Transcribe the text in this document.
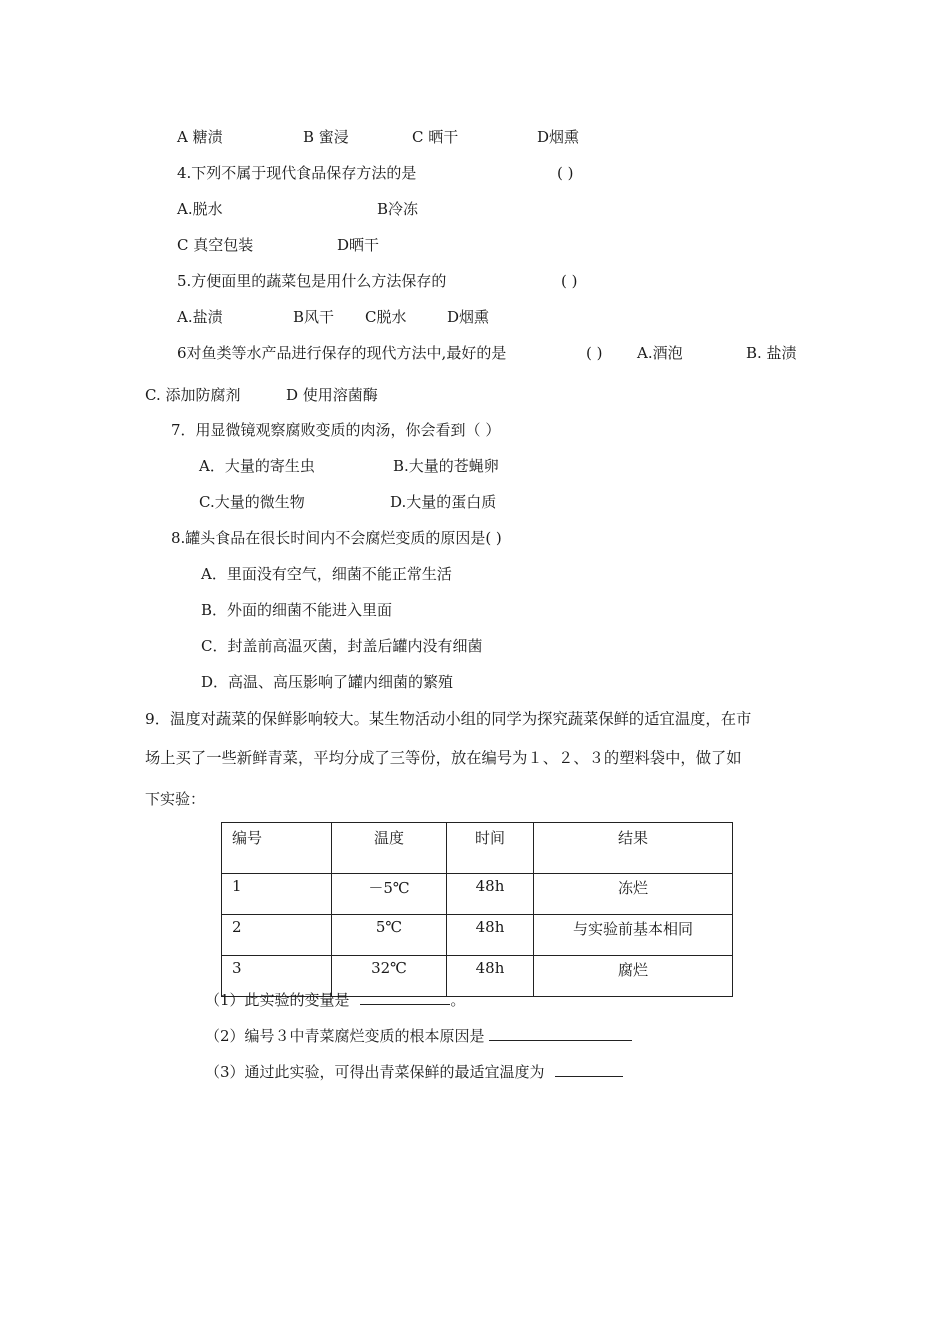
A 糖渍	B 蜜浸	C 晒干	D烟熏
4.下列不属于现代食品保存方法的是	( )
A.脱水	B冷冻
C 真空包装	D晒干
5.方便面里的蔬菜包是用什么方法保存的	( )
A.盐渍	B风干 C脱水	D烟熏
6对鱼类等水产品进行保存的现代方法中,最好的是	( ) A.酒泡	B. 盐渍
C. 添加防腐剂	D 使用溶菌酶
7．用显微镜观察腐败变质的肉汤，你会看到（ ）
A．大量的寄生虫	B.大量的苍蝇卵
C.大量的微生物	D.大量的蛋白质
8.罐头食品在很长时间内不会腐烂变质的原因是( )
A．里面没有空气，细菌不能正常生活
B．外面的细菌不能进入里面
C．封盖前高温灭菌，封盖后罐内没有细菌
D．高温、高压影响了罐内细菌的繁殖
9．温度对蔬菜的保鲜影响较大。某生物活动小组的同学为探究蔬菜保鲜的适宜温度，在市
场上买了一些新鲜青菜，平均分成了三等份，放在编号为１、２、３的塑料袋中，做了如
下实验：
编号	温度	时间	结果
1	－5℃	48h	冻烂
2	5℃	48h	与实验前基本相同
3	32℃	48h	腐烂
（1）此实验的变量是	。
（2）编号３中青菜腐烂变质的根本原因是
（3）通过此实验，可得出青菜保鲜的最适宜温度为
